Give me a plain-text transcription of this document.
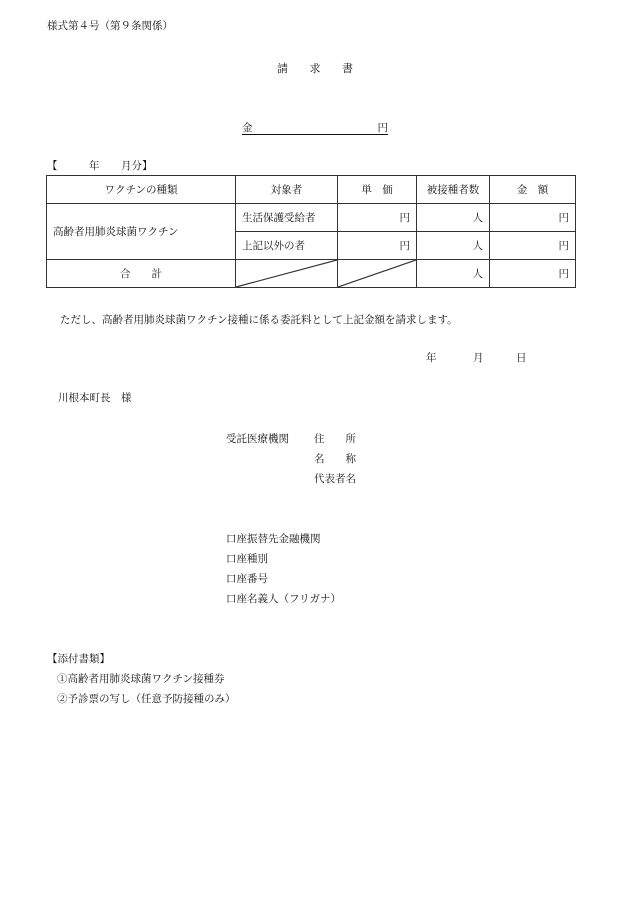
様式第４号（第９条関係）
請 求 書
金	円
【	年 月分】
ワクチンの種類	対象者	単　価	被接種者数	金　額
高齢者用肺炎球菌ワクチン	生活保護受給者	円	人	円
	上記以外の者	円	人	円
合　　計			人	円
ただし、高齢者用肺炎球菌ワクチン接種に係る委託料として上記金額を請求します。
年	月	日
川根本町長　様
受託医療機関 住　　所
名　　称
代表者名
口座振替先金融機関
口座種別
口座番号
口座名義人（フリガナ）
【添付書類】
①高齢者用肺炎球菌ワクチン接種券
②予診票の写し（任意予防接種のみ）
